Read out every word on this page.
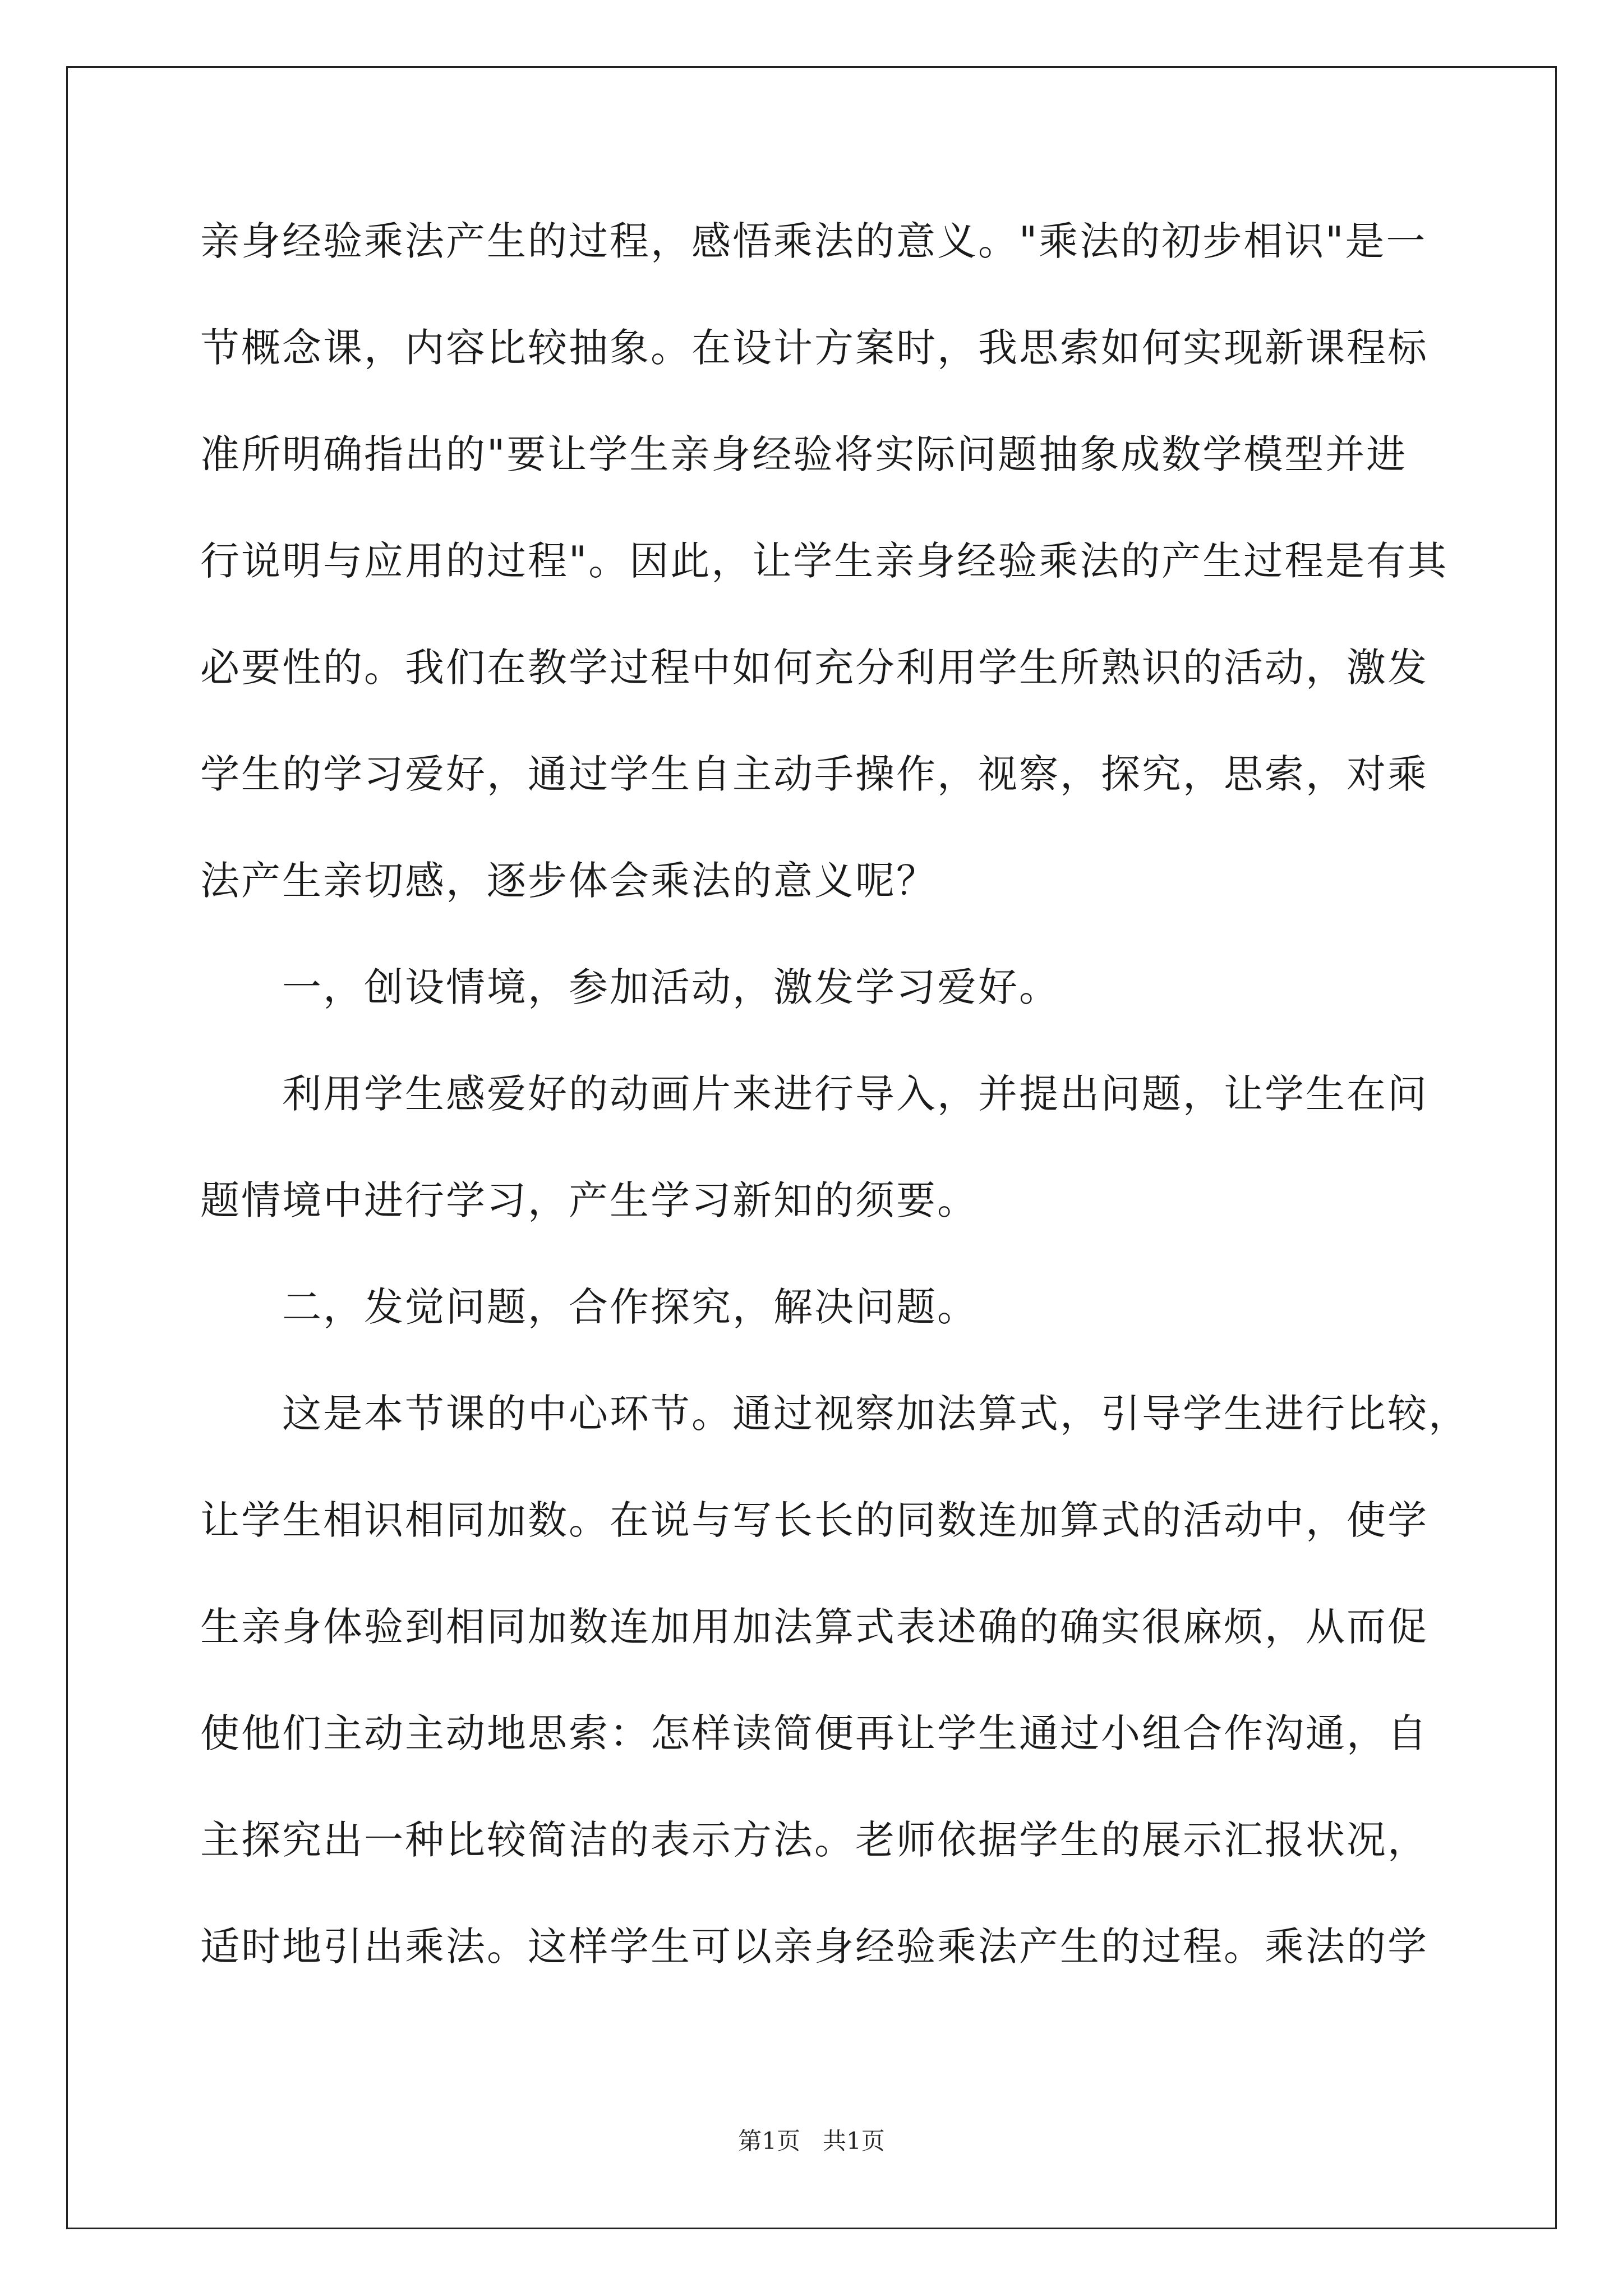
亲身经验乘法产生的过程，感悟乘法的意义。"乘法的初步相识"是一
节概念课，内容比较抽象。在设计方案时，我思索如何实现新课程标
准所明确指出的"要让学生亲身经验将实际问题抽象成数学模型并进
行说明与应用的过程"。因此，让学生亲身经验乘法的产生过程是有其
必要性的。我们在教学过程中如何充分利用学生所熟识的活动，激发
学生的学习爱好，通过学生自主动手操作，视察，探究，思索，对乘
法产生亲切感，逐步体会乘法的意义呢？
　　一，创设情境，参加活动，激发学习爱好。
　　利用学生感爱好的动画片来进行导入，并提出问题，让学生在问
题情境中进行学习，产生学习新知的须要。
　　二，发觉问题，合作探究，解决问题。
　　这是本节课的中心环节。通过视察加法算式，引导学生进行比较，
让学生相识相同加数。在说与写长长的同数连加算式的活动中，使学
生亲身体验到相同加数连加用加法算式表述确的确实很麻烦，从而促
使他们主动主动地思索：怎样读简便再让学生通过小组合作沟通，自
主探究出一种比较简洁的表示方法。老师依据学生的展示汇报状况，
适时地引出乘法。这样学生可以亲身经验乘法产生的过程。乘法的学
第1页   共1页
